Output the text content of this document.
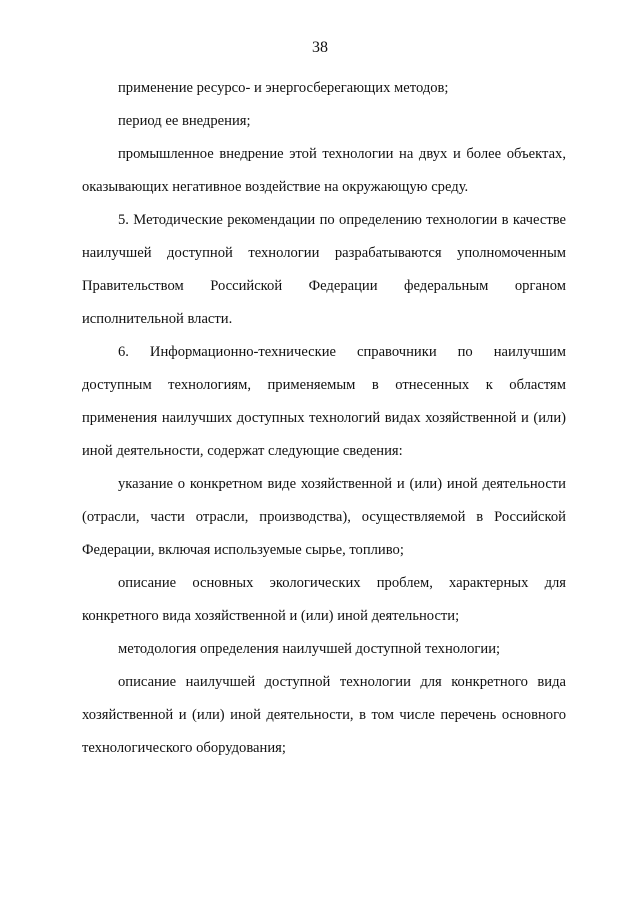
38

применение ресурсо- и энергосберегающих методов;

период ее внедрения;

промышленное внедрение этой технологии на двух и более объектах, оказывающих негативное воздействие на окружающую среду.

5. Методические рекомендации по определению технологии в качестве наилучшей доступной технологии разрабатываются уполномоченным Правительством Российской Федерации федеральным органом исполнительной власти.

6. Информационно-технические справочники по наилучшим доступным технологиям, применяемым в отнесенных к областям применения наилучших доступных технологий видах хозяйственной и (или) иной деятельности, содержат следующие сведения:

указание о конкретном виде хозяйственной и (или) иной деятельности (отрасли, части отрасли, производства), осуществляемой в Российской Федерации, включая используемые сырье, топливо;

описание основных экологических проблем, характерных для конкретного вида хозяйственной и (или) иной деятельности;

методология определения наилучшей доступной технологии;

описание наилучшей доступной технологии для конкретного вида хозяйственной и (или) иной деятельности, в том числе перечень основного технологического оборудования;
